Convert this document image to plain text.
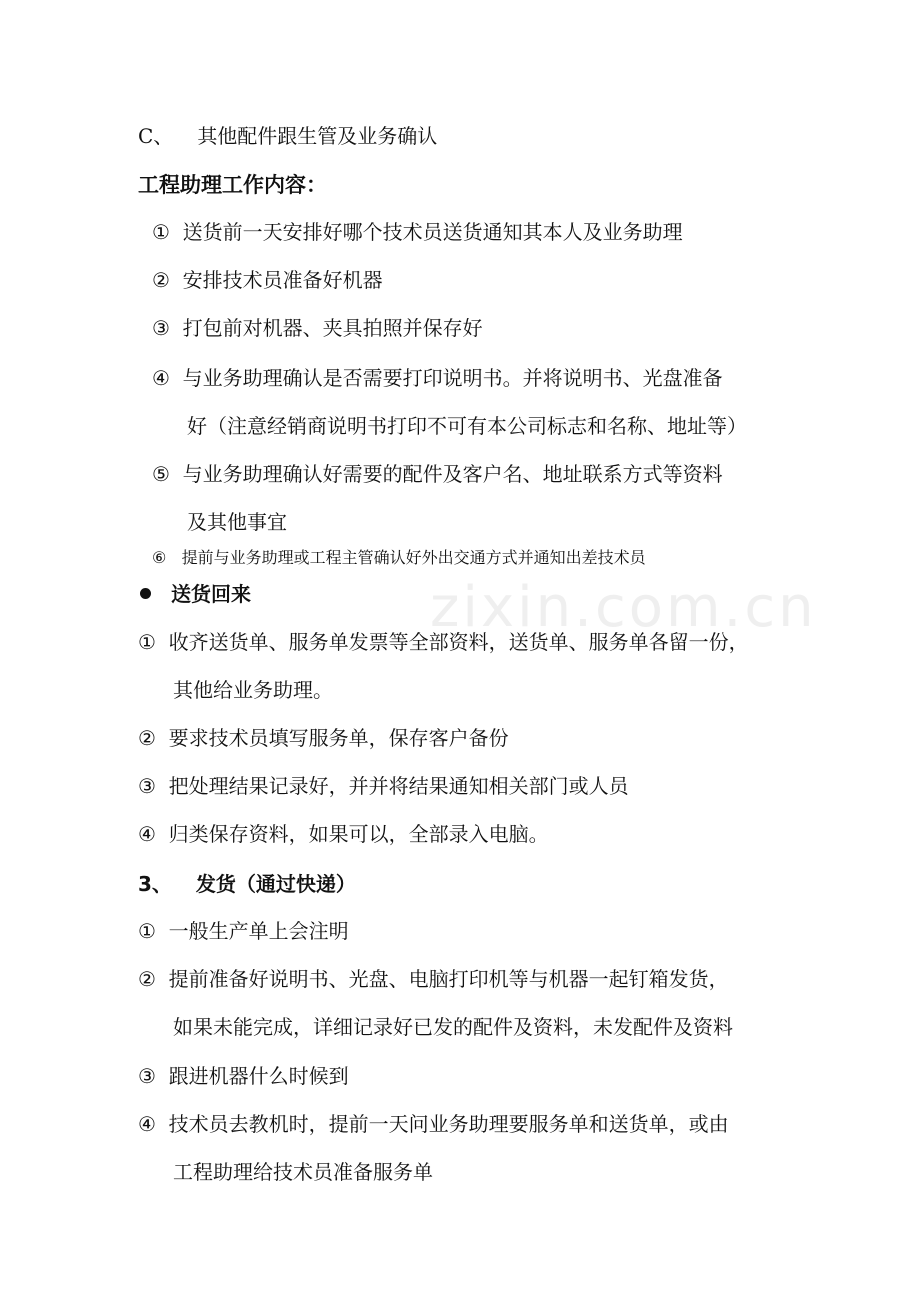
zixin.com.cn
C、 其他配件跟生管及业务确认
工程助理工作内容：
① 送货前一天安排好哪个技术员送货通知其本人及业务助理
② 安排技术员准备好机器
③ 打包前对机器、夹具拍照并保存好
④ 与业务助理确认是否需要打印说明书。并将说明书、光盘准备
好（注意经销商说明书打印不可有本公司标志和名称、地址等）
⑤ 与业务助理确认好需要的配件及客户名、地址联系方式等资料
及其他事宜
⑥ 提前与业务助理或工程主管确认好外出交通方式并通知出差技术员
送货回来
① 收齐送货单、服务单发票等全部资料，送货单、服务单各留一份，
其他给业务助理。
② 要求技术员填写服务单，保存客户备份
③ 把处理结果记录好，并并将结果通知相关部门或人员
④ 归类保存资料，如果可以，全部录入电脑。
3、 发货（通过快递）
① 一般生产单上会注明
② 提前准备好说明书、光盘、电脑打印机等与机器一起钉箱发货，
如果未能完成，详细记录好已发的配件及资料，未发配件及资料
③ 跟进机器什么时候到
④ 技术员去教机时，提前一天问业务助理要服务单和送货单，或由
工程助理给技术员准备服务单
